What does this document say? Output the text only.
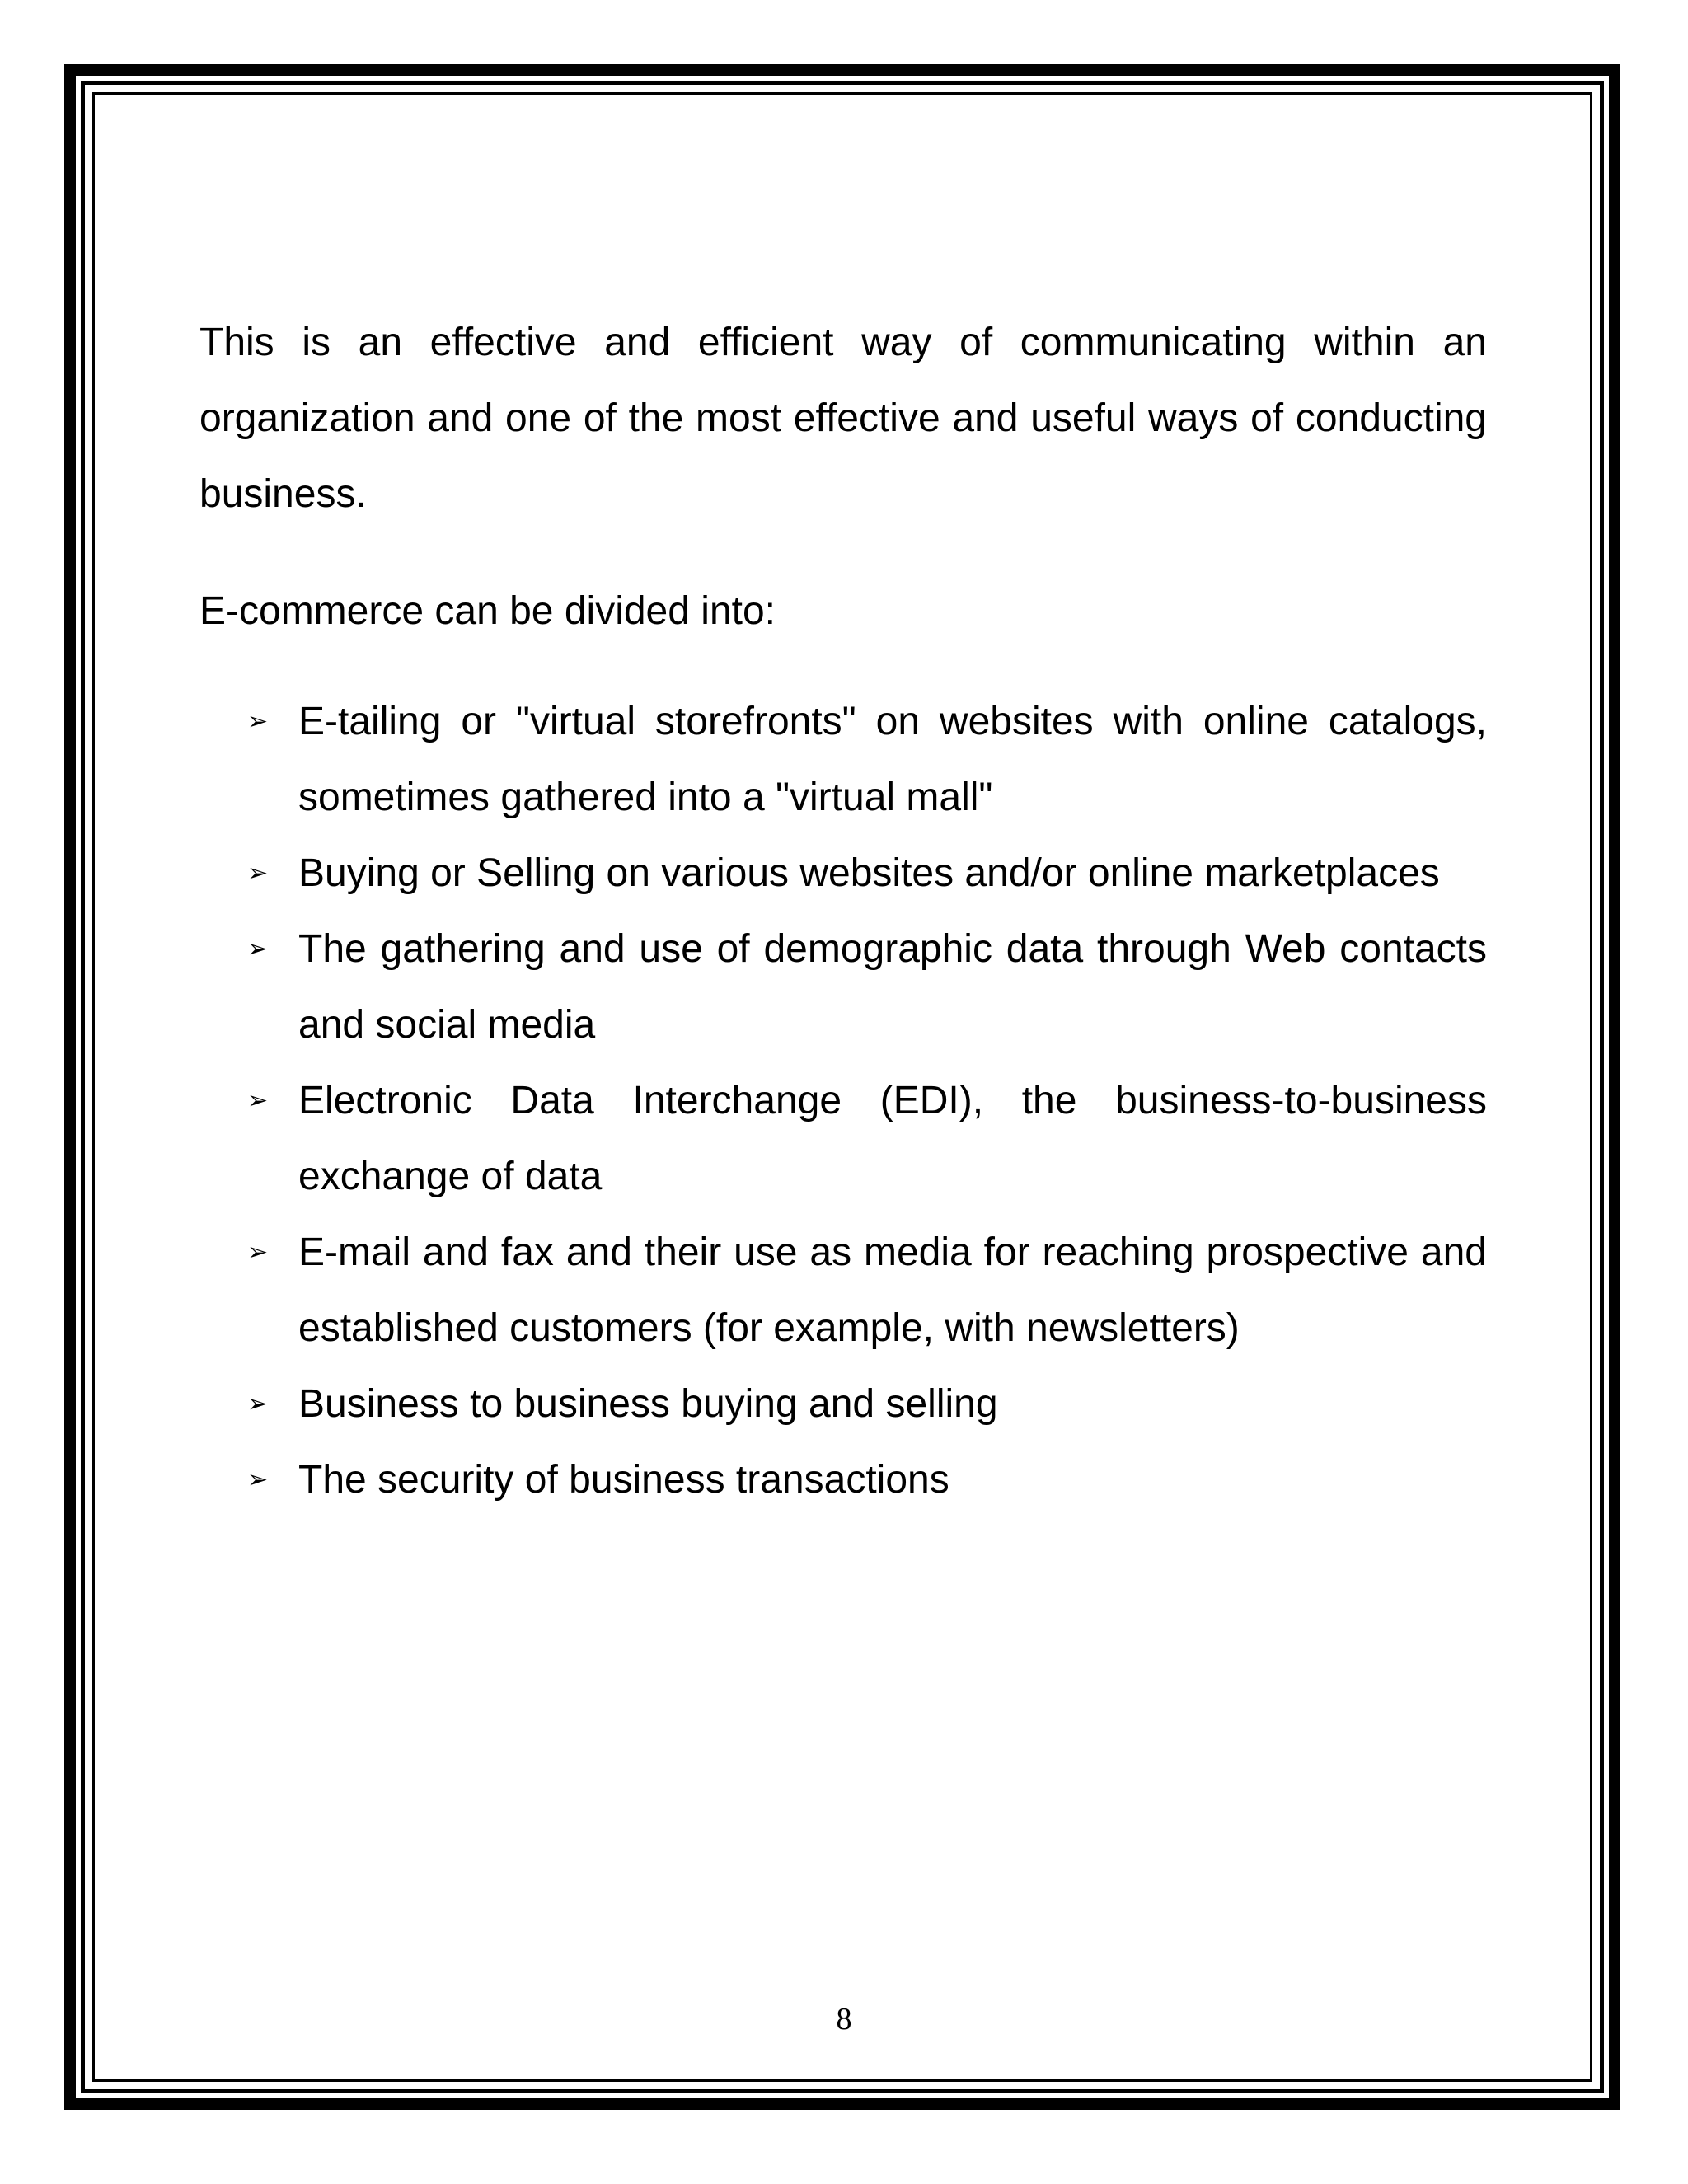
This is an effective and efficient way of communicating within an organization and one of the most effective and useful ways of conducting business.

E-commerce can be divided into:

➢ E-tailing or "virtual storefronts" on websites with online catalogs, sometimes gathered into a "virtual mall"
➢ Buying or Selling on various websites and/or online marketplaces
➢ The gathering and use of demographic data through Web contacts and social media
➢ Electronic Data Interchange (EDI), the business-to-business exchange of data
➢ E-mail and fax and their use as media for reaching prospective and established customers (for example, with newsletters)
➢ Business to business buying and selling
➢ The security of business transactions
8
